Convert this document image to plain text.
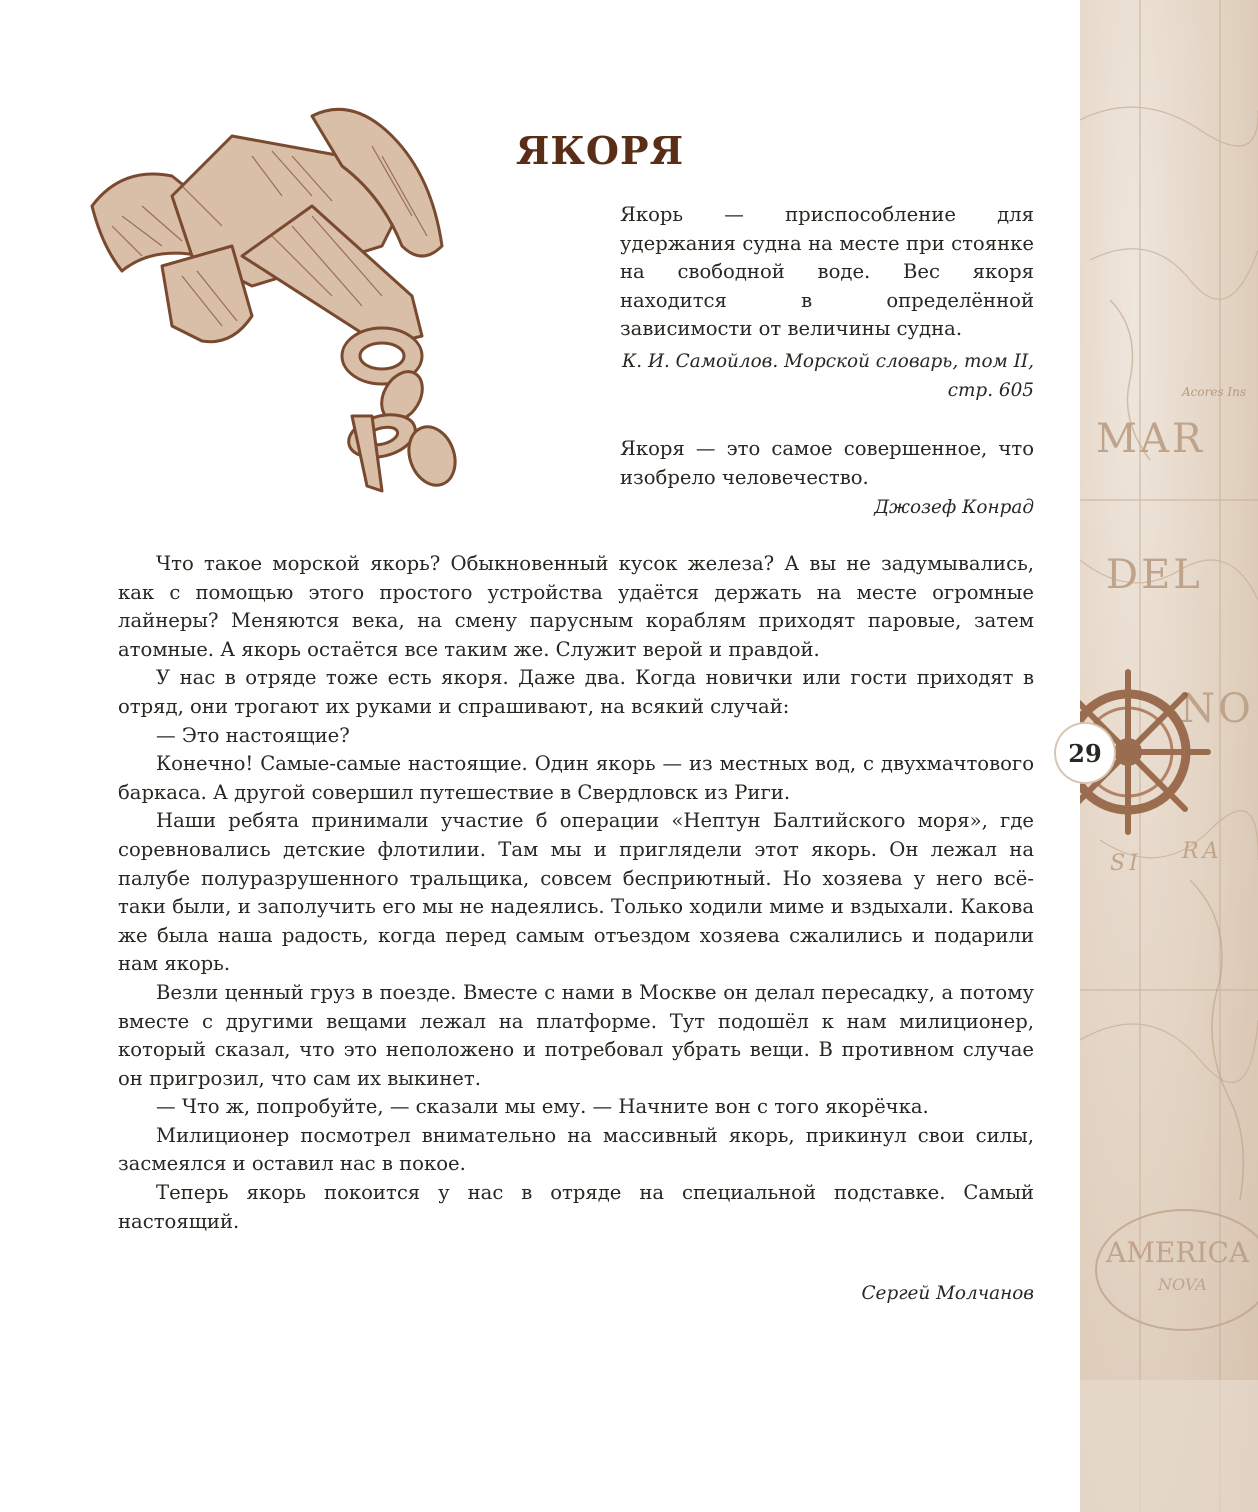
MAR
DEL
NO
RA
SI
Acores Ins
AMERICA
NOVA
ЯКОРЯ
Якорь — приспособление для удержания судна на месте при стоянке на свободной воде. Вес якоря находится в определённой зависимости от величины судна.
К. И. Самойлов. Морской словарь, том II,
стр. 605
Якоря — это самое совершенное, что изобрело человечество.
Джозеф Конрад

Что такое морской якорь? Обыкновенный кусок железа? А вы не задумывались, как с помощью этого простого устройства удаётся держать на месте огромные лайнеры? Меняются века, на смену парусным кораблям приходят паровые, затем атомные. А якорь остаётся все таким же. Служит верой и правдой.

У нас в отряде тоже есть якоря. Даже два. Когда новички или гости приходят в отряд, они трогают их руками и спрашивают, на всякий случай:

— Это настоящие?

Конечно! Самые-самые настоящие. Один якорь — из местных вод, с двухмачтового баркаса. А другой совершил путешествие в Свердловск из Риги.

Наши ребята принимали участие б операции «Нептун Балтийского моря», где соревновались детские флотилии. Там мы и приглядели этот якорь. Он лежал на палубе полуразрушенного тральщика, совсем бесприютный. Но хозяева у него всё-таки были, и заполучить его мы не надеялись. Только ходили миме и вздыхали. Какова же была наша радость, когда перед самым отъездом хозяева сжалились и подарили нам якорь.

Везли ценный груз в поезде. Вместе с нами в Москве он делал пересадку, а потому вместе с другими вещами лежал на платформе. Тут подошёл к нам милиционер, который сказал, что это неположено и потребовал убрать вещи. В противном случае он пригрозил, что сам их выкинет.

— Что ж, попробуйте, — сказали мы ему. — Начните вон с того якорёчка.

Милиционер посмотрел внимательно на массивный якорь, прикинул свои силы, засмеялся и оставил нас в покое.

Теперь якорь покоится у нас в отряде на специальной подставке. Самый настоящий.

Сергей Молчанов
29
